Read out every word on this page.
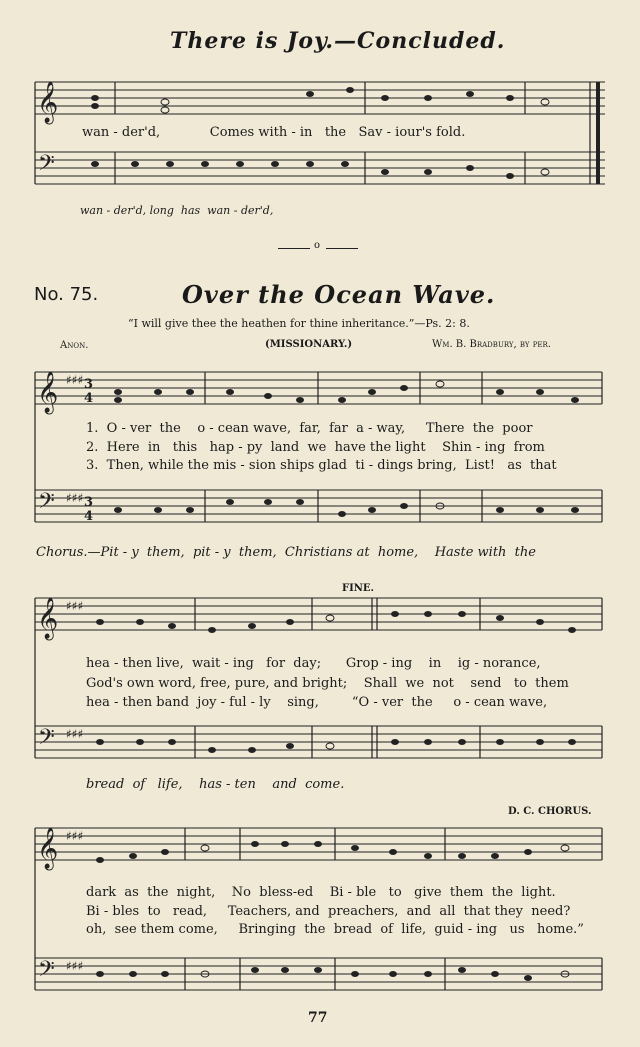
There is Joy.—Concluded.
𝄞
𝄢
wan - der'd,            Comes with - in   the   Sav - iour's fold.
wan - der'd, long  has  wan - der'd,
o
No. 75.	Over the Ocean Wave.
“I will give thee the heathen for thine inheritance.”—Ps. 2: 8.
Anon.	(MISSIONARY.)	Wm. B. Bradbury, by per.
𝄞
𝄢
♯♯♯
♯♯♯
3
4
3
4
1.  O - ver  the    o - cean wave,  far,  far  a - way,     There  the  poor
2.  Here  in   this   hap - py  land  we  have the light    Shin - ing  from
3.  Then, while the mis - sion ships glad  ti - dings bring,  List!   as  that
Chorus.—Pit - y  them,  pit - y  them,  Christians at  home,    Haste with  the
FINE.
𝄞
𝄢
♯♯♯
♯♯♯
hea - then live,  wait - ing   for  day;      Grop - ing    in    ig - norance,
God's own word, free, pure, and bright;    Shall  we  not    send   to  them
hea - then band  joy - ful - ly    sing,        “O - ver  the     o - cean wave,
bread  of   life,    has - ten    and  come.
D. C. CHORUS.
𝄞
𝄢
♯♯♯
♯♯♯
dark  as  the  night,    No  bless-ed    Bi - ble   to   give  them  the  light.
Bi - bles  to   read,     Teachers, and  preachers,  and  all  that they  need?
oh,  see them come,     Bringing  the  bread  of  life,  guid - ing   us   home.”
77
